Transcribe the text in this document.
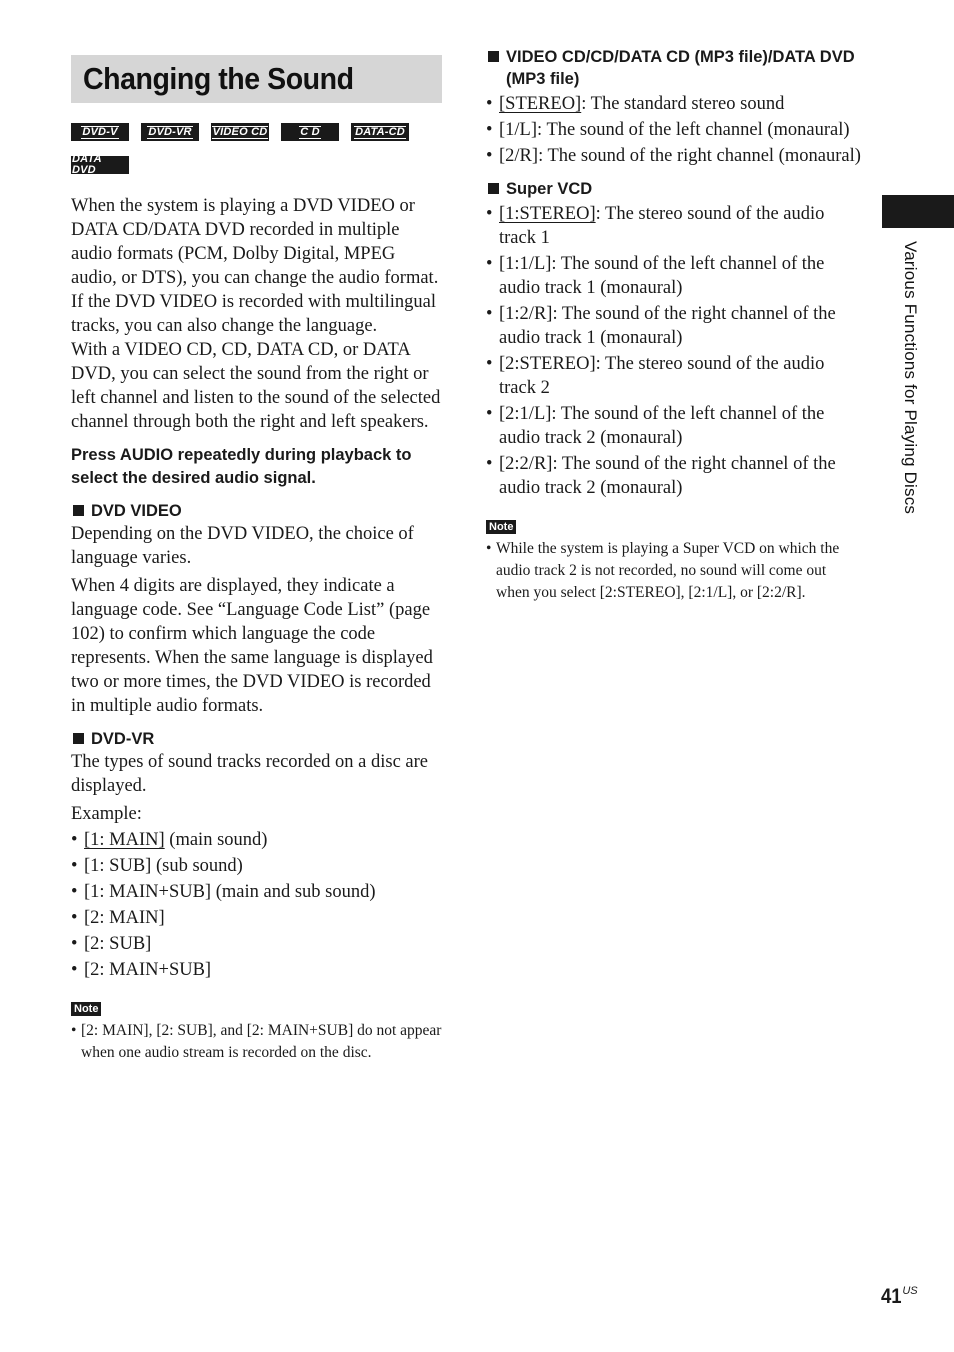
Changing the Sound
DVD-V	DVD-VR VIDEO CD	C D	DATA-CD
DATA DVD

When the system is playing a DVD VIDEO or DATA CD/DATA DVD recorded in multiple audio formats (PCM, Dolby Digital, MPEG audio, or DTS), you can change the audio format. If the DVD VIDEO is recorded with multilingual tracks, you can also change the language.

With a VIDEO CD, CD, DATA CD, or DATA DVD, you can select the sound from the right or left channel and listen to the sound of the selected channel through both the right and left speakers.

Press AUDIO repeatedly during playback to select the desired audio signal.
DVD VIDEO

Depending on the DVD VIDEO, the choice of language varies.

When 4 digits are displayed, they indicate a language code. See “Language Code List” (page 102) to confirm which language the code represents. When the same language is displayed two or more times, the DVD VIDEO is recorded in multiple audio formats.

DVD-VR

The types of sound tracks recorded on a disc are displayed.

Example:

• [1: MAIN] (main sound)
• [1: SUB] (sub sound)
• [1: MAIN+SUB] (main and sub sound)
• [2: MAIN]
• [2: SUB]
• [2: MAIN+SUB]
Note
• [2: MAIN], [2: SUB], and [2: MAIN+SUB] do not appear when one audio stream is recorded on the disc.
VIDEO CD/CD/DATA CD (MP3 file)/DATA DVD (MP3 file)
• [STEREO]: The standard stereo sound
• [1/L]: The sound of the left channel (monaural)
• [2/R]: The sound of the right channel (monaural)
Super VCD
• [1:STEREO]: The stereo sound of the audio track 1
• [1:1/L]: The sound of the left channel of the audio track 1 (monaural)
• [1:2/R]: The sound of the right channel of the audio track 1 (monaural)
• [2:STEREO]: The stereo sound of the audio track 2
• [2:1/L]: The sound of the left channel of the audio track 2 (monaural)
• [2:2/R]: The sound of the right channel of the audio track 2 (monaural)
Note
• While the system is playing a Super VCD on which the audio track 2 is not recorded, no sound will come out when you select [2:STEREO], [2:1/L], or [2:2/R].
Various Functions for Playing Discs
$41^{US}$
